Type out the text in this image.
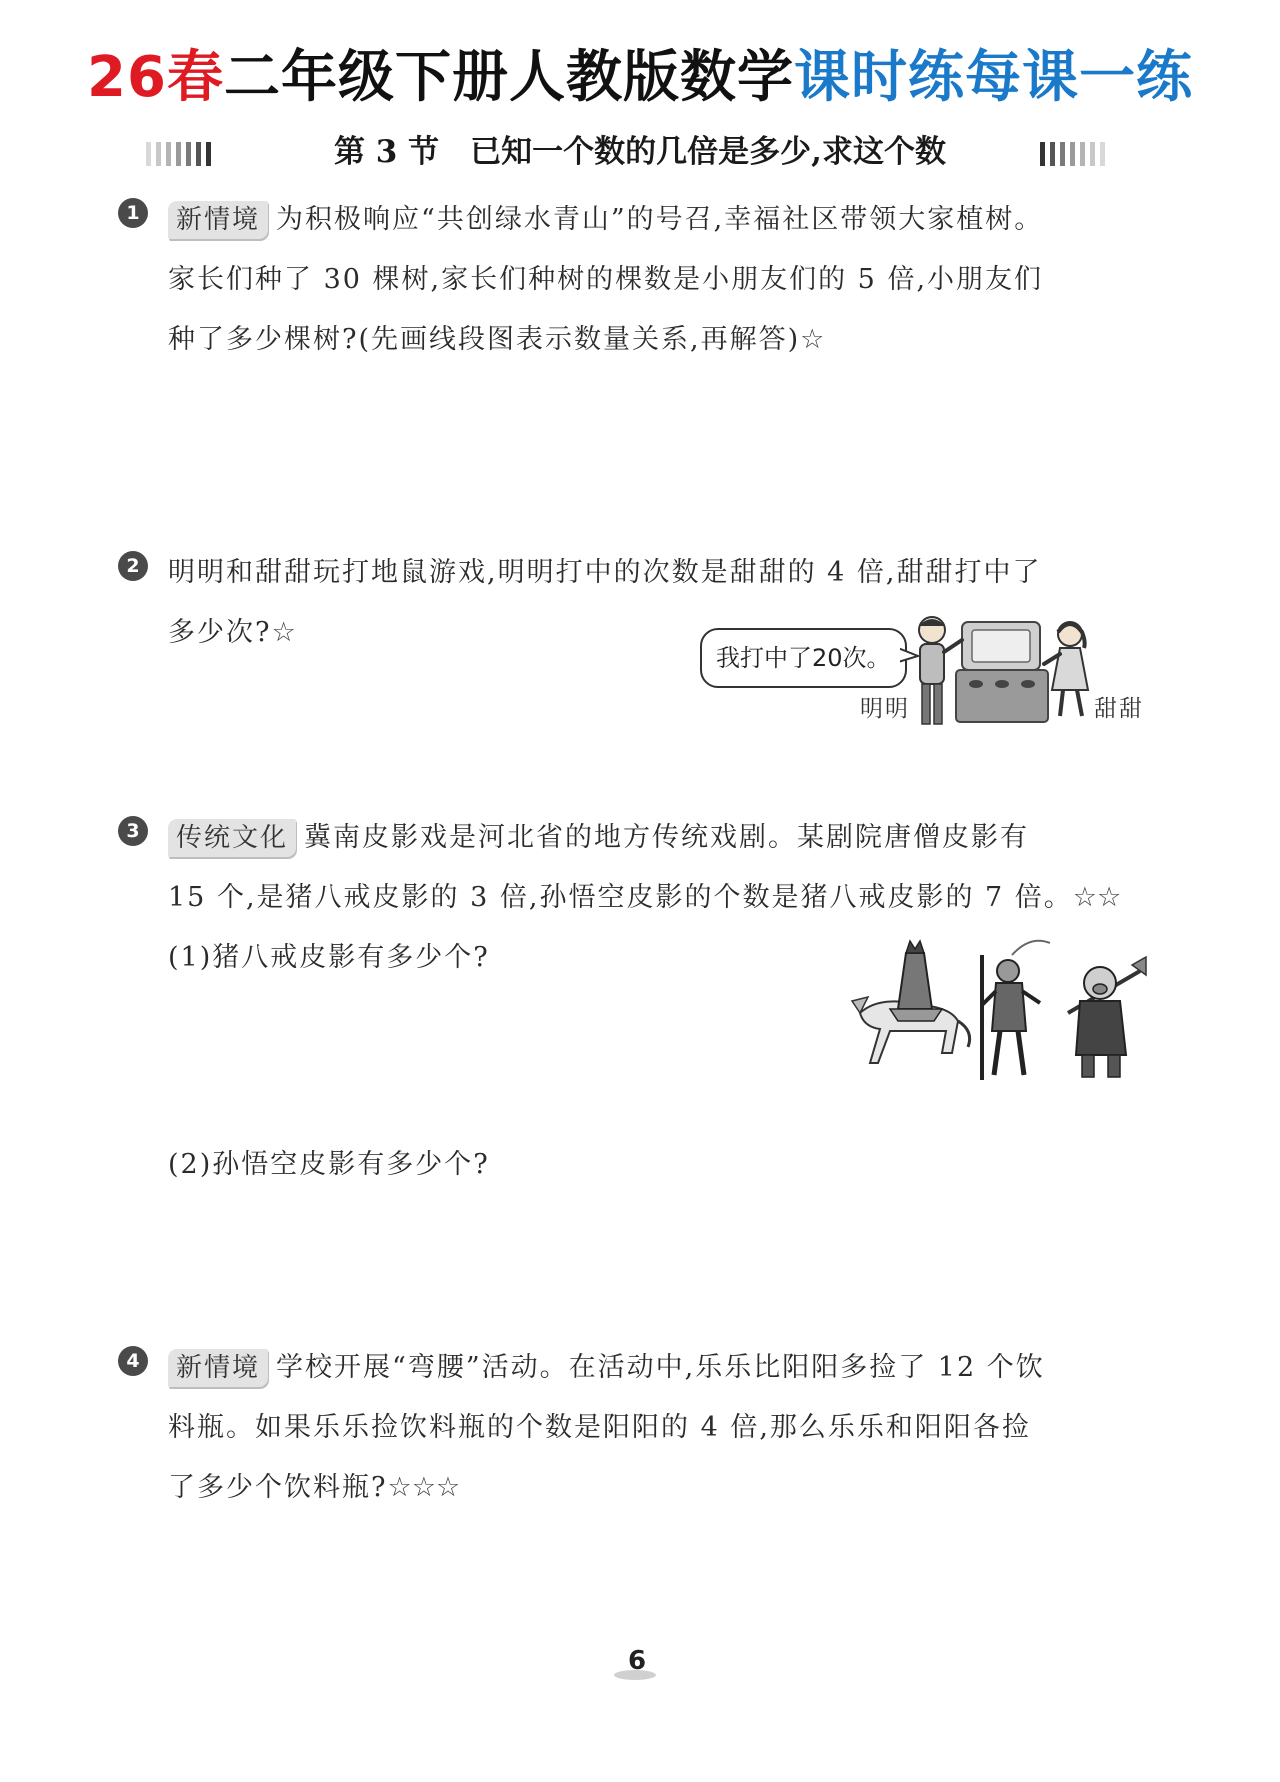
26春二年级下册人教版数学课时练每课一练
第 3 节　已知一个数的几倍是多少,求这个数
1	新情境 为积极响应“共创绿水青山”的号召,幸福社区带领大家植树。
家长们种了 30 棵树,家长们种树的棵数是小朋友们的 5 倍,小朋友们
种了多少棵树?(先画线段图表示数量关系,再解答)☆
2	明明和甜甜玩打地鼠游戏,明明打中的次数是甜甜的 4 倍,甜甜打中了
多少次?☆
我打中了20次。
明明	甜甜
3	传统文化 冀南皮影戏是河北省的地方传统戏剧。某剧院唐僧皮影有
15 个,是猪八戒皮影的 3 倍,孙悟空皮影的个数是猪八戒皮影的 7 倍。☆☆
(1)猪八戒皮影有多少个?
(2)孙悟空皮影有多少个?
4	新情境 学校开展“弯腰”活动。在活动中,乐乐比阳阳多捡了 12 个饮
料瓶。如果乐乐捡饮料瓶的个数是阳阳的 4 倍,那么乐乐和阳阳各捡
了多少个饮料瓶?☆☆☆
6
